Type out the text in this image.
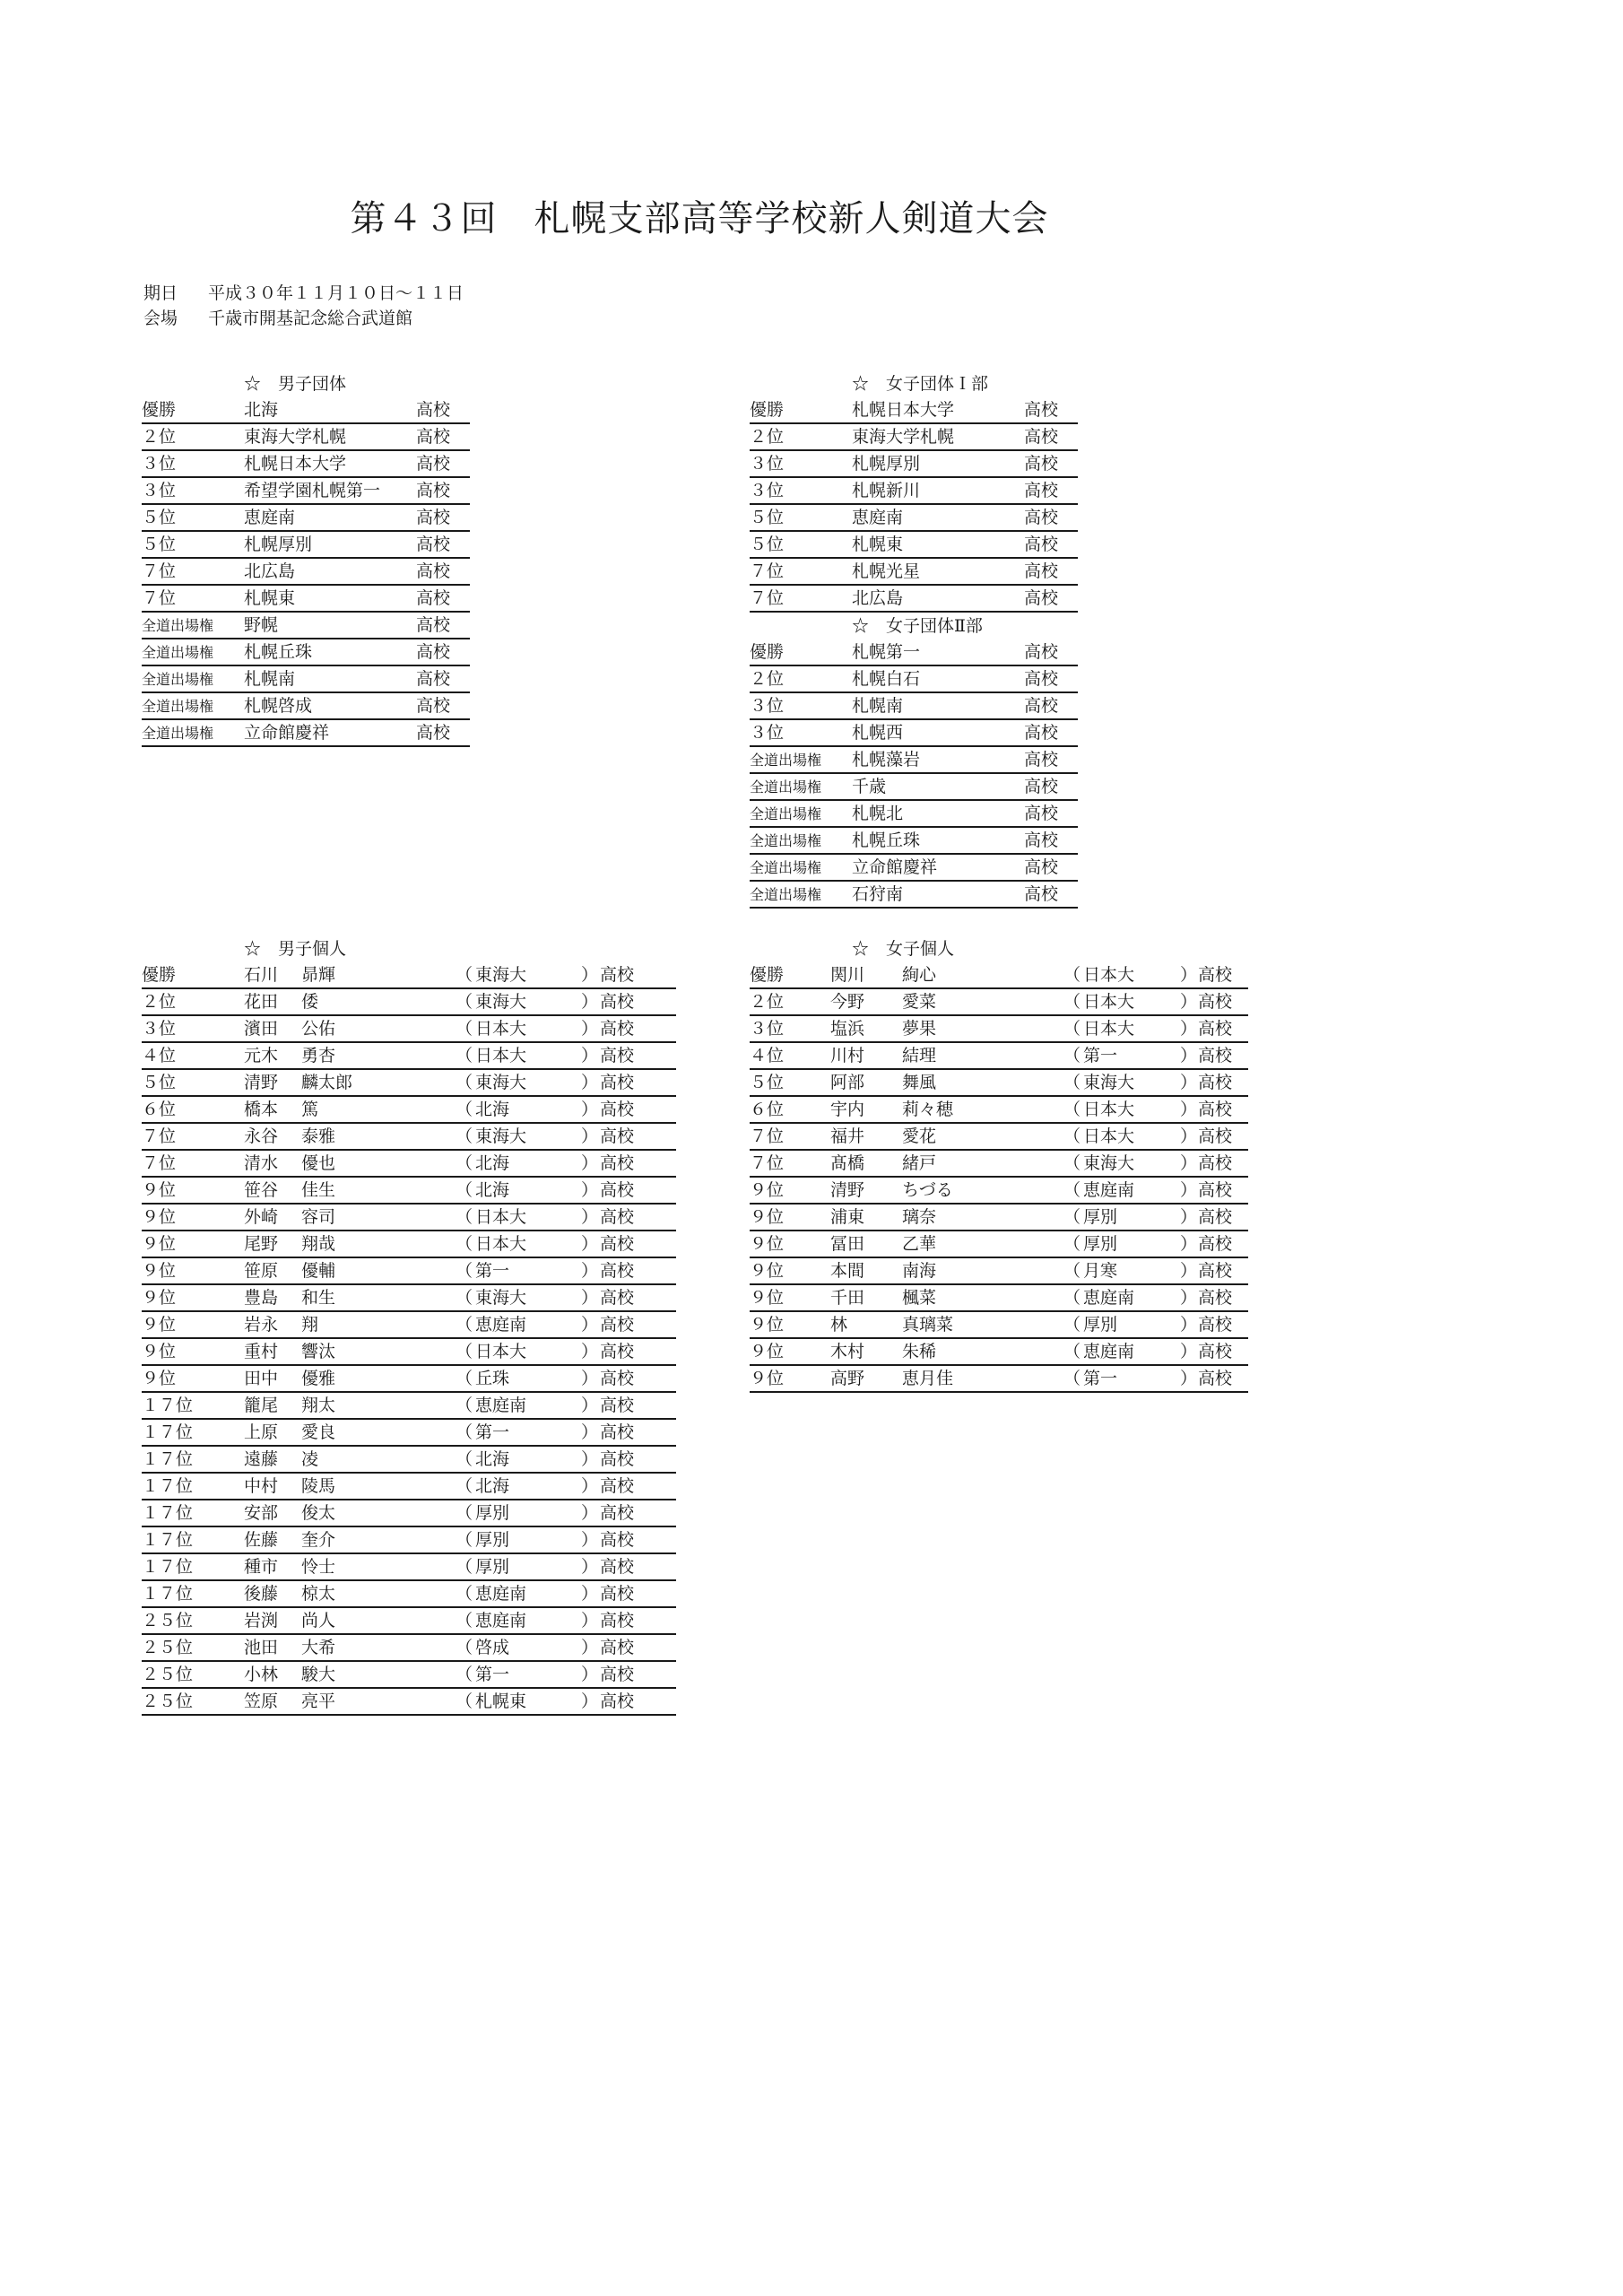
第４３回　札幌支部高等学校新人剣道大会
期日 平成３０年１１月１０日～１１日
会場 千歳市開基記念総合武道館
☆　男子団体
優勝	北海	高校
２位	東海大学札幌	高校
３位	札幌日本大学	高校
３位	希望学園札幌第一 高校
５位	恵庭南	高校
５位	札幌厚別	高校
７位	北広島	高校
７位	札幌東	高校
全道出場権 野幌	高校
全道出場権 札幌丘珠	高校
全道出場権 札幌南	高校
全道出場権 札幌啓成	高校
全道出場権 立命館慶祥	高校
☆　女子団体Ｉ部
優勝	札幌日本大学	高校
２位	東海大学札幌	高校
３位	札幌厚別	高校
３位	札幌新川	高校
５位	恵庭南	高校
５位	札幌東	高校
７位	札幌光星	高校
７位	北広島	高校
☆　女子団体Ⅱ部
優勝	札幌第一	高校
２位	札幌白石	高校
３位	札幌南	高校
３位	札幌西	高校
全道出場権 札幌藻岩	高校
全道出場権 千歳	高校
全道出場権 札幌北	高校
全道出場権 札幌丘珠	高校
全道出場権 立命館慶祥	高校
全道出場権 石狩南	高校
☆　男子個人
優勝	石川 昴輝	（ 東海大	） 高校
２位	花田 倭	（ 東海大	） 高校
３位	濱田 公佑	（ 日本大	） 高校
４位	元木 勇杏	（ 日本大	） 高校
５位	清野 麟太郎	（ 東海大	） 高校
６位	橋本 篤	（ 北海	） 高校
７位	永谷 泰雅	（ 東海大	） 高校
７位	清水 優也	（ 北海	） 高校
９位	笹谷 佳生	（ 北海	） 高校
９位	外崎 容司	（ 日本大	） 高校
９位	尾野 翔哉	（ 日本大	） 高校
９位	笹原 優輔	（ 第一	） 高校
９位	豊島 和生	（ 東海大	） 高校
９位	岩永 翔	（ 恵庭南	） 高校
９位	重村 響汰	（ 日本大	） 高校
９位	田中 優雅	（ 丘珠	） 高校
１７位	籠尾 翔太	（ 恵庭南	） 高校
１７位	上原 愛良	（ 第一	） 高校
１７位	遠藤 凌	（ 北海	） 高校
１７位	中村 陵馬	（ 北海	） 高校
１７位	安部 俊太	（ 厚別	） 高校
１７位	佐藤 奎介	（ 厚別	） 高校
１７位	種市 怜士	（ 厚別	） 高校
１７位	後藤 椋太	（ 恵庭南	） 高校
２５位	岩渕 尚人	（ 恵庭南	） 高校
２５位	池田 大希	（ 啓成	） 高校
２５位	小林 駿大	（ 第一	） 高校
２５位	笠原 亮平	（ 札幌東	） 高校
☆　女子個人
優勝	関川 絢心	（ 日本大	） 高校
２位	今野 愛菜	（ 日本大	） 高校
３位	塩浜 夢果	（ 日本大	） 高校
４位	川村 結理	（ 第一	） 高校
５位	阿部 舞風	（ 東海大	） 高校
６位	宇内 莉々穂	（ 日本大	） 高校
７位	福井 愛花	（ 日本大	） 高校
７位	髙橋 緒戸	（ 東海大	） 高校
９位	清野 ちづる	（ 恵庭南	） 高校
９位	浦東 璃奈	（ 厚別	） 高校
９位	冨田 乙華	（ 厚別	） 高校
９位	本間 南海	（ 月寒	） 高校
９位	千田 楓菜	（ 恵庭南	） 高校
９位	林	真璃菜	（ 厚別	） 高校
９位	木村 朱稀	（ 恵庭南	） 高校
９位	高野 恵月佳	（ 第一	） 高校
